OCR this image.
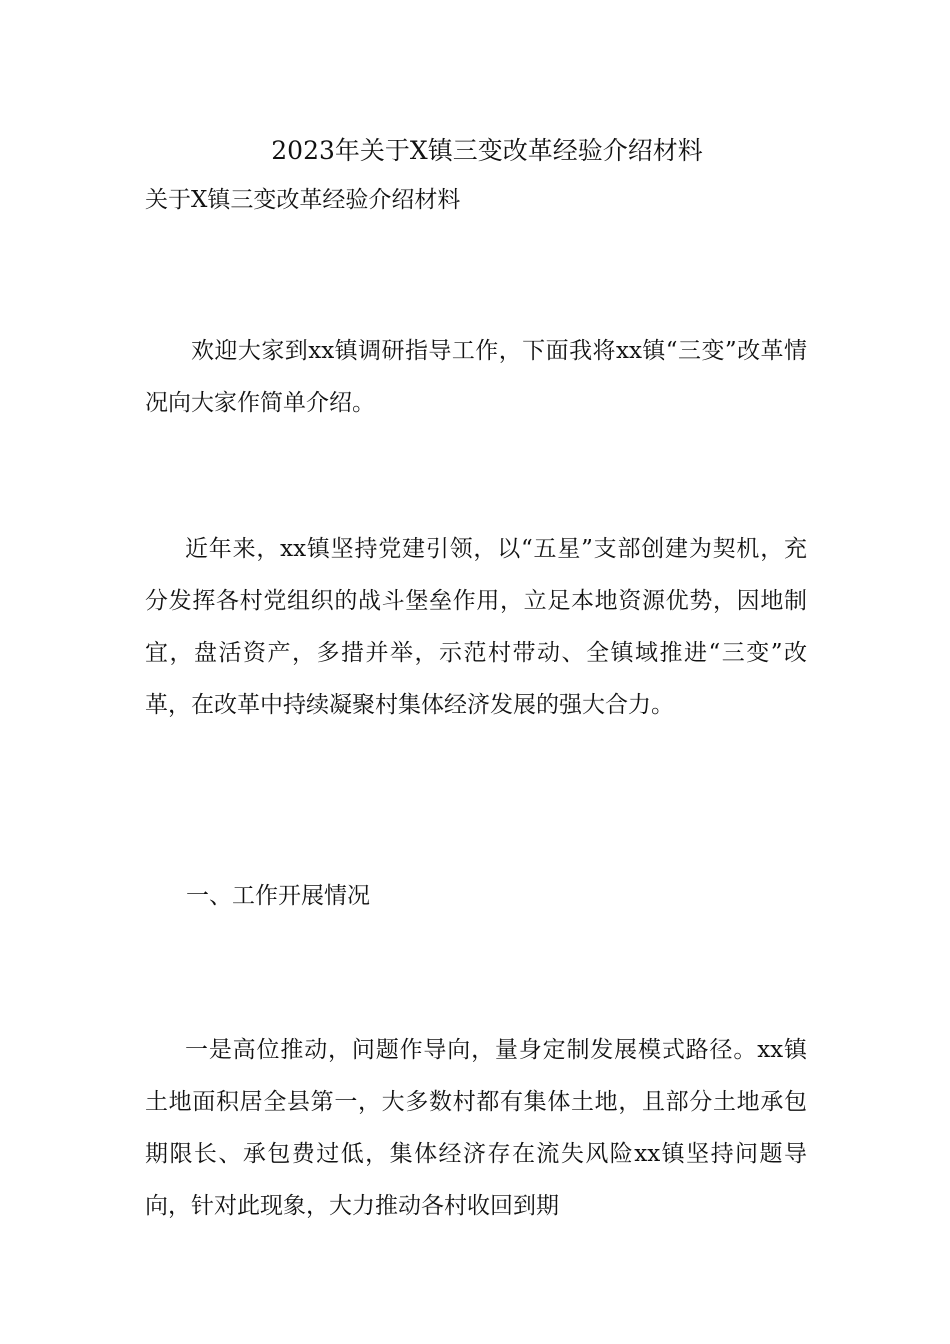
2023年关于X镇三变改革经验介绍材料
关于X镇三变改革经验介绍材料
欢迎大家到xx镇调研指导工作，下面我将xx镇“三变”改革情况向大家作简单介绍。
近年来，xx镇坚持党建引领，以“五星”支部创建为契机，充分发挥各村党组织的战斗堡垒作用，立足本地资源优势，因地制宜，盘活资产，多措并举，示范村带动、全镇域推进“三变”改革，在改革中持续凝聚村集体经济发展的强大合力。
一、工作开展情况
一是高位推动，问题作导向，量身定制发展模式路径。xx镇土地面积居全县第一，大多数村都有集体土地，且部分土地承包期限长、承包费过低，集体经济存在流失风险xx镇坚持问题导向，针对此现象，大力推动各村收回到期
